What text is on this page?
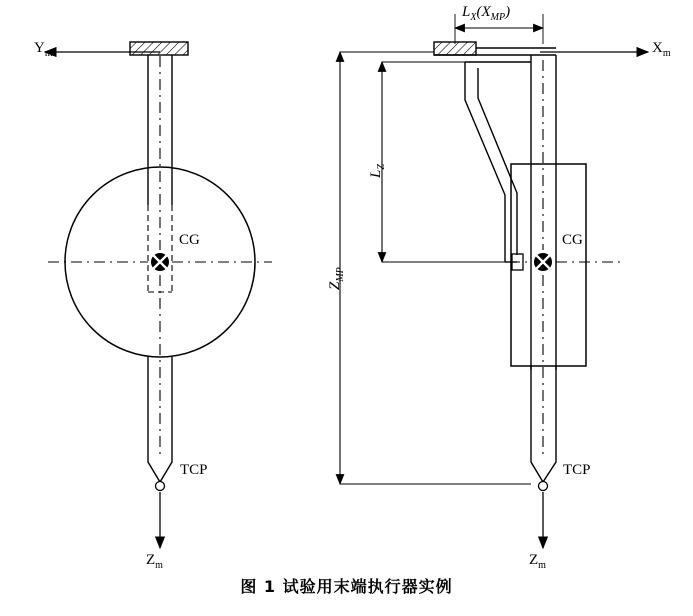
$Y_m$
CG
TCP
$Z_m$
$X_m$
CG
TCP
$Z_m$
$L_X(X_{MP})$
$L_Z$
$Z_{MP}$
图 1 试验用末端执行器实例
